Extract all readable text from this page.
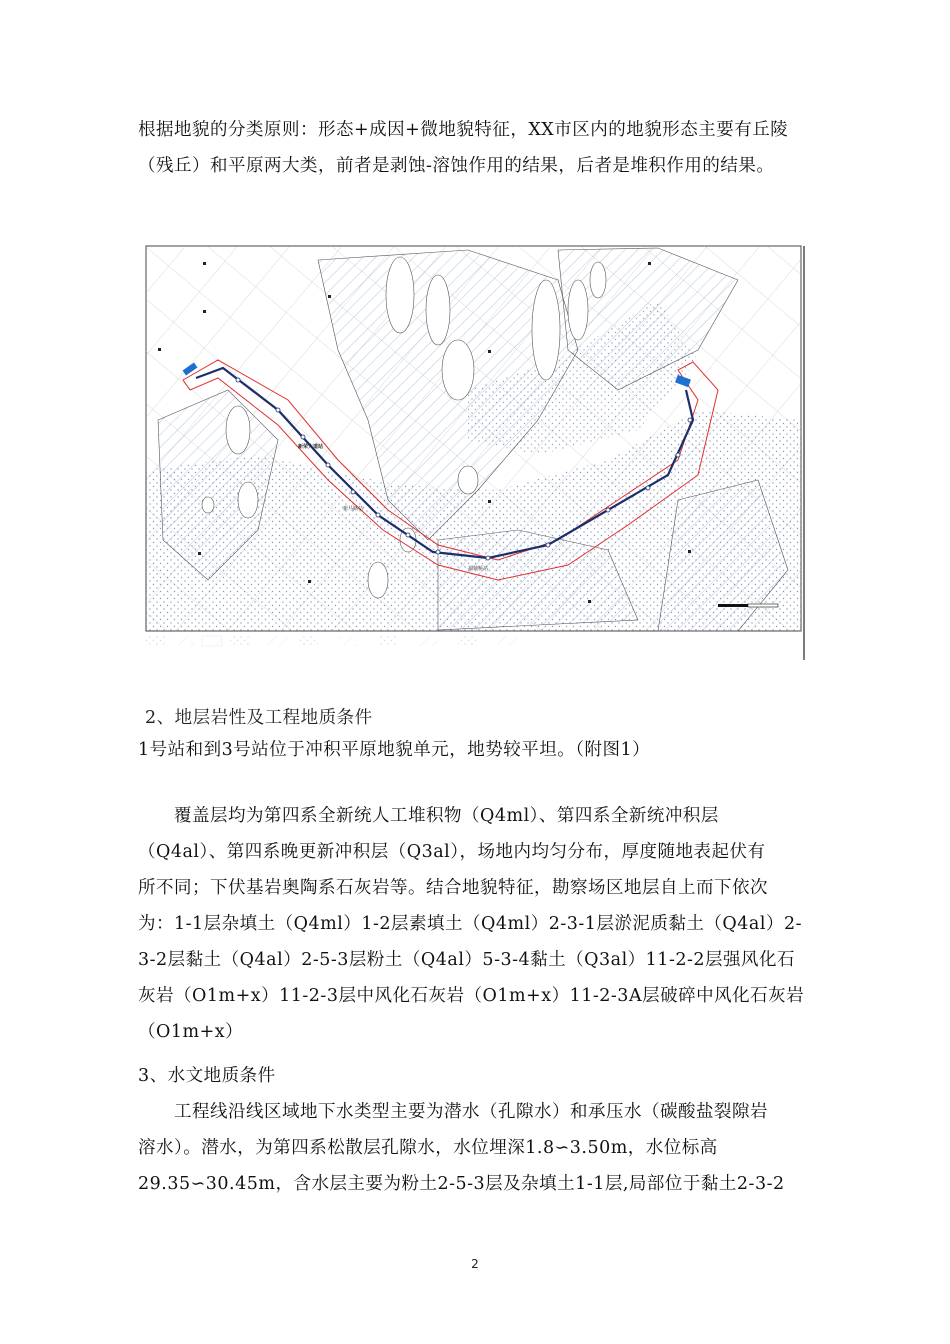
根据地貌的分类原则：形态+成因+微地貌特征，XX市区内的地貌形态主要有丘陵
（残丘）和平原两大类，前者是剥蚀-溶蚀作用的结果，后者是堆积作用的结果。
新荣大道站
新马路站
福城桥站
2、地层岩性及工程地质条件
1号站和到3号站位于冲积平原地貌单元，地势较平坦。（附图1）
覆盖层均为第四系全新统人工堆积物（Q4ml）、第四系全新统冲积层
（Q4al）、第四系晚更新冲积层（Q3al），场地内均匀分布，厚度随地表起伏有
所不同；下伏基岩奥陶系石灰岩等。结合地貌特征，勘察场区地层自上而下依次
为：1-1层杂填土（Q4ml）1-2层素填土（Q4ml）2-3-1层淤泥质黏土（Q4al）2-
3-2层黏土（Q4al）2-5-3层粉土（Q4al）5-3-4黏土（Q3al）11-2-2层强风化石
灰岩（O1m+x）11-2-3层中风化石灰岩（O1m+x）11-2-3A层破碎中风化石灰岩
（O1m+x）
3、水文地质条件
工程线沿线区域地下水类型主要为潜水（孔隙水）和承压水（碳酸盐裂隙岩
溶水）。潜水，为第四系松散层孔隙水，水位埋深1.8∽3.50m，水位标高
29.35∽30.45m，含水层主要为粉土2-5-3层及杂填土1-1层,局部位于黏土2-3-2
2
